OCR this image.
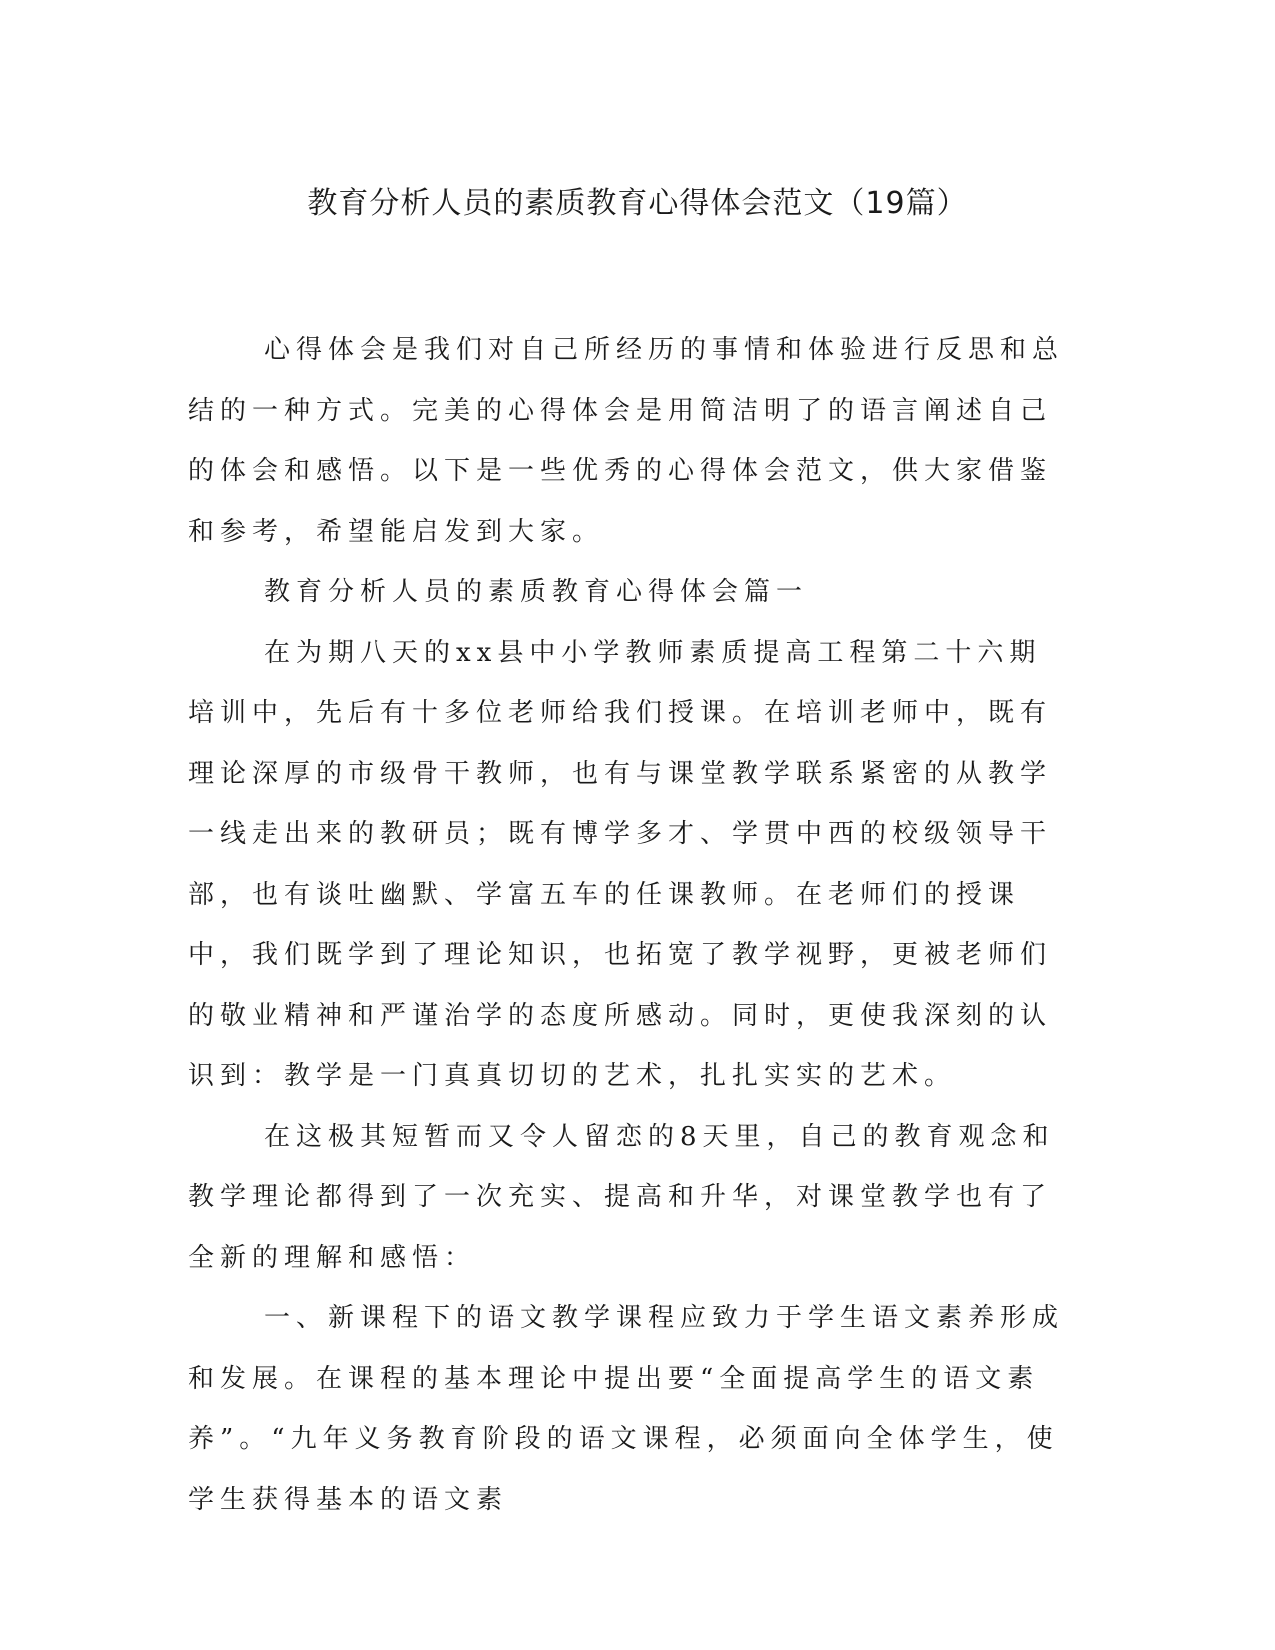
教育分析人员的素质教育心得体会范文（19篇）

心得体会是我们对自己所经历的事情和体验进行反思和总结的一种方式。完美的心得体会是用简洁明了的语言阐述自己的体会和感悟。以下是一些优秀的心得体会范文，供大家借鉴和参考，希望能启发到大家。

教育分析人员的素质教育心得体会篇一

在为期八天的xx县中小学教师素质提高工程第二十六期培训中，先后有十多位老师给我们授课。在培训老师中，既有理论深厚的市级骨干教师，也有与课堂教学联系紧密的从教学一线走出来的教研员；既有博学多才、学贯中西的校级领导干部，也有谈吐幽默、学富五车的任课教师。在老师们的授课中，我们既学到了理论知识，也拓宽了教学视野，更被老师们的敬业精神和严谨治学的态度所感动。同时，更使我深刻的认识到：教学是一门真真切切的艺术，扎扎实实的艺术。

在这极其短暂而又令人留恋的8天里，自己的教育观念和教学理论都得到了一次充实、提高和升华，对课堂教学也有了全新的理解和感悟：

一、新课程下的语文教学课程应致力于学生语文素养形成和发展。在课程的基本理论中提出要“全面提高学生的语文素养”。“九年义务教育阶段的语文课程，必须面向全体学生，使学生获得基本的语文素
